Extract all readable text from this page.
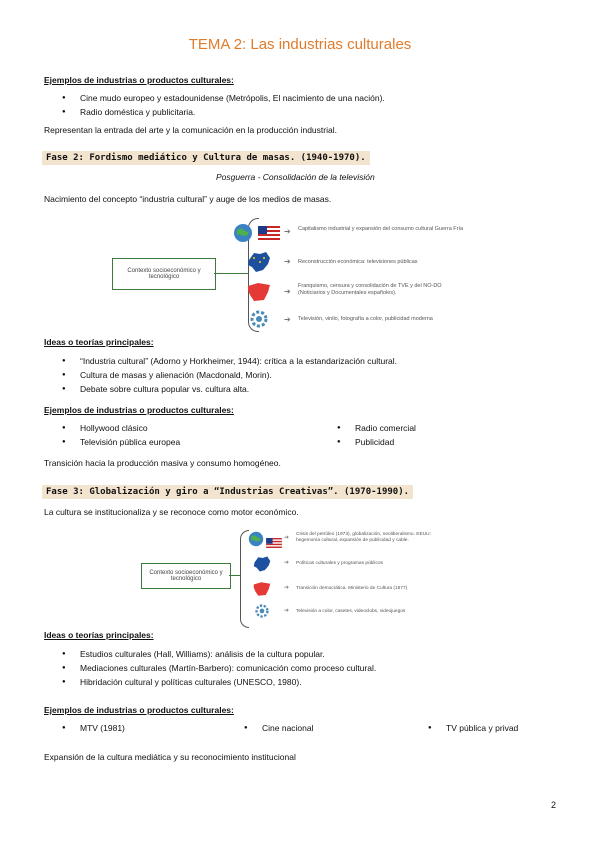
TEMA 2: Las industrias culturales
Ejemplos de industrias o productos culturales:
● Cine mudo europeo y estadounidense (Metrópolis, El nacimiento de una nación).
● Radio doméstica y publicitaria.
Representan la entrada del arte y la comunicación en la producción industrial.
Fase 2: Fordismo mediático y Cultura de masas. (1940-1970).
Posguerra - Consolidación de la televisión
Nacimiento del concepto “industria cultural” y auge de los medios de masas.
Contexto socioeconómico y tecnológico
➔ Capitalismo industrial y expansión del consumo cultural Guerra Fría
➔ Reconstrucción económica: televisiones públicas
➔
Franquismo, censura y consolidación de TVE y del NO-DO (Noticiarios y Documentales españoles).
➔ Televisión, vinilo, fotografía a color, publicidad moderna
Ideas o teorías principales:
● “Industria cultural” (Adorno y Horkheimer, 1944): crítica a la estandarización cultural.
● Cultura de masas y alienación (Macdonald, Morin).
● Debate sobre cultura popular vs. cultura alta.
Ejemplos de industrias o productos culturales:
● Hollywood clásico
● Televisión pública europea
● Radio comercial
● Publicidad
Transición hacia la producción masiva y consumo homogéneo.
Fase 3: Globalización y giro a “Industrias Creativas”. (1970-1990).
La cultura se institucionaliza y se reconoce como motor económico.
Contexto socioeconómico y tecnológico
➔
Crisis del petróleo (1973), globalización, neoliberalismo. EEUU: hegemonía cultural, expansión de publicidad y cable.
➔ Políticas culturales y programas públicos
➔ Transición democrática. Ministerio de Cultura (1977)
➔ Televisión a color, casetes, videoclubs, videojuegos
Ideas o teorías principales:
● Estudios culturales (Hall, Williams): análisis de la cultura popular.
● Mediaciones culturales (Martín-Barbero): comunicación como proceso cultural.
● Hibridación cultural y políticas culturales (UNESCO, 1980).
Ejemplos de industrias o productos culturales:
● MTV (1981)	● Cine nacional	● TV pública y privad
Expansión de la cultura mediática y su reconocimiento institucional
2
